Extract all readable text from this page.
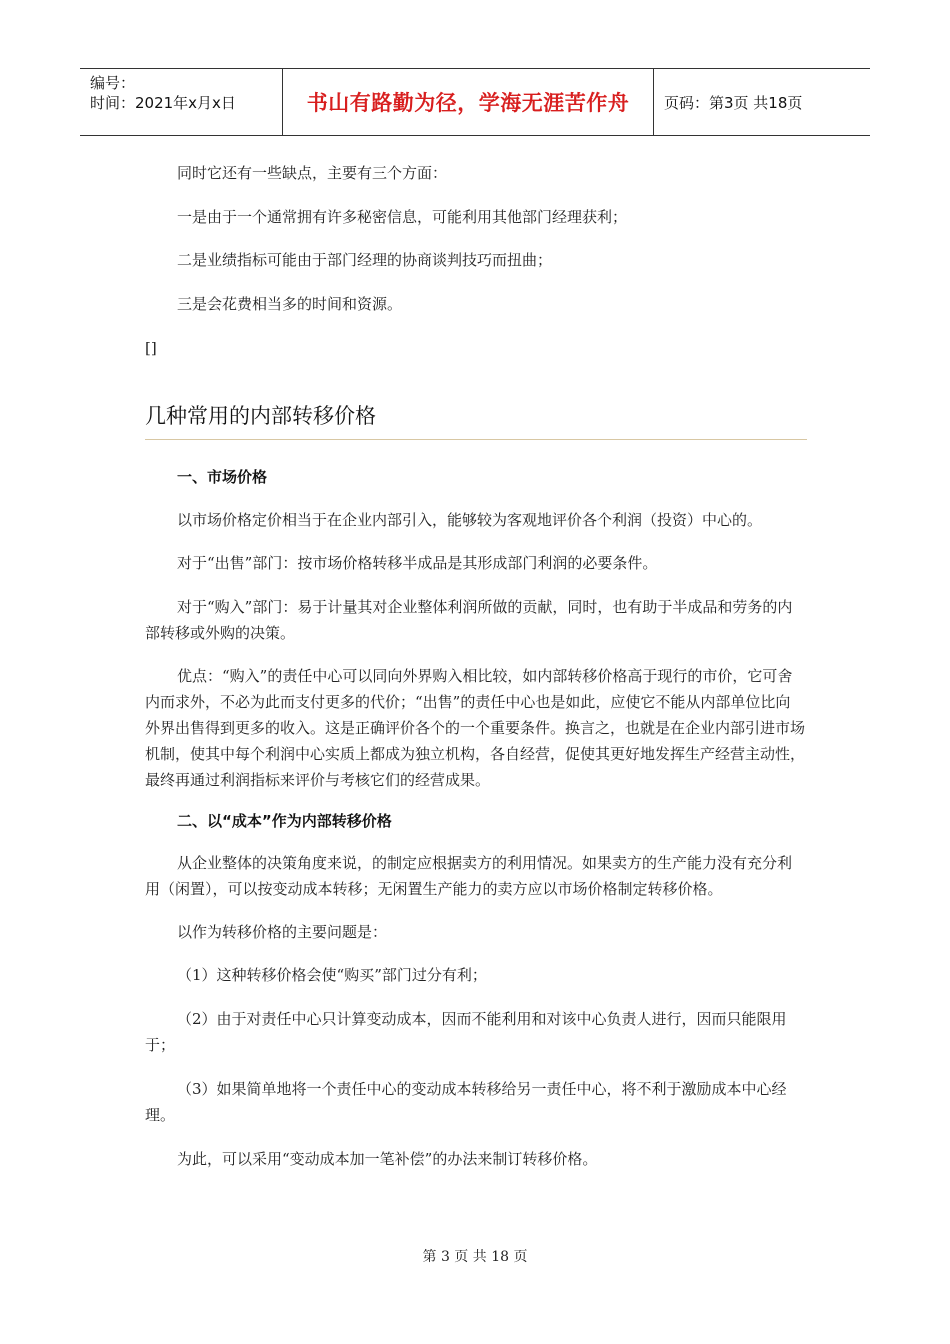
编号：
时间：2021年x月x日	书山有路勤为径，学海无涯苦作舟	页码：第3页 共18页

同时它还有一些缺点，主要有三个方面：

一是由于一个通常拥有许多秘密信息，可能利用其他部门经理获利；

二是业绩指标可能由于部门经理的协商谈判技巧而扭曲；

三是会花费相当多的时间和资源。

[]

几种常用的内部转移价格
一、市场价格

以市场价格定价相当于在企业内部引入，能够较为客观地评价各个利润（投资）中心的。

对于“出售”部门：按市场价格转移半成品是其形成部门利润的必要条件。

对于“购入”部门：易于计量其对企业整体利润所做的贡献，同时，也有助于半成品和劳务的内部转移或外购的决策。

优点：“购入”的责任中心可以同向外界购入相比较，如内部转移价格高于现行的市价，它可舍内而求外，不必为此而支付更多的代价；“出售”的责任中心也是如此，应使它不能从内部单位比向外界出售得到更多的收入。这是正确评价各个的一个重要条件。换言之，也就是在企业内部引进市场机制，使其中每个利润中心实质上都成为独立机构，各自经营，促使其更好地发挥生产经营主动性，最终再通过利润指标来评价与考核它们的经营成果。

二、以“成本”作为内部转移价格

从企业整体的决策角度来说，的制定应根据卖方的利用情况。如果卖方的生产能力没有充分利用（闲置），可以按变动成本转移；无闲置生产能力的卖方应以市场价格制定转移价格。

以作为转移价格的主要问题是：

（1）这种转移价格会使“购买”部门过分有利；

（2）由于对责任中心只计算变动成本，因而不能利用和对该中心负责人进行，因而只能限用于；

（3）如果简单地将一个责任中心的变动成本转移给另一责任中心，将不利于激励成本中心经理。

为此，可以采用“变动成本加一笔补偿”的办法来制订转移价格。

第 3 页 共 18 页
